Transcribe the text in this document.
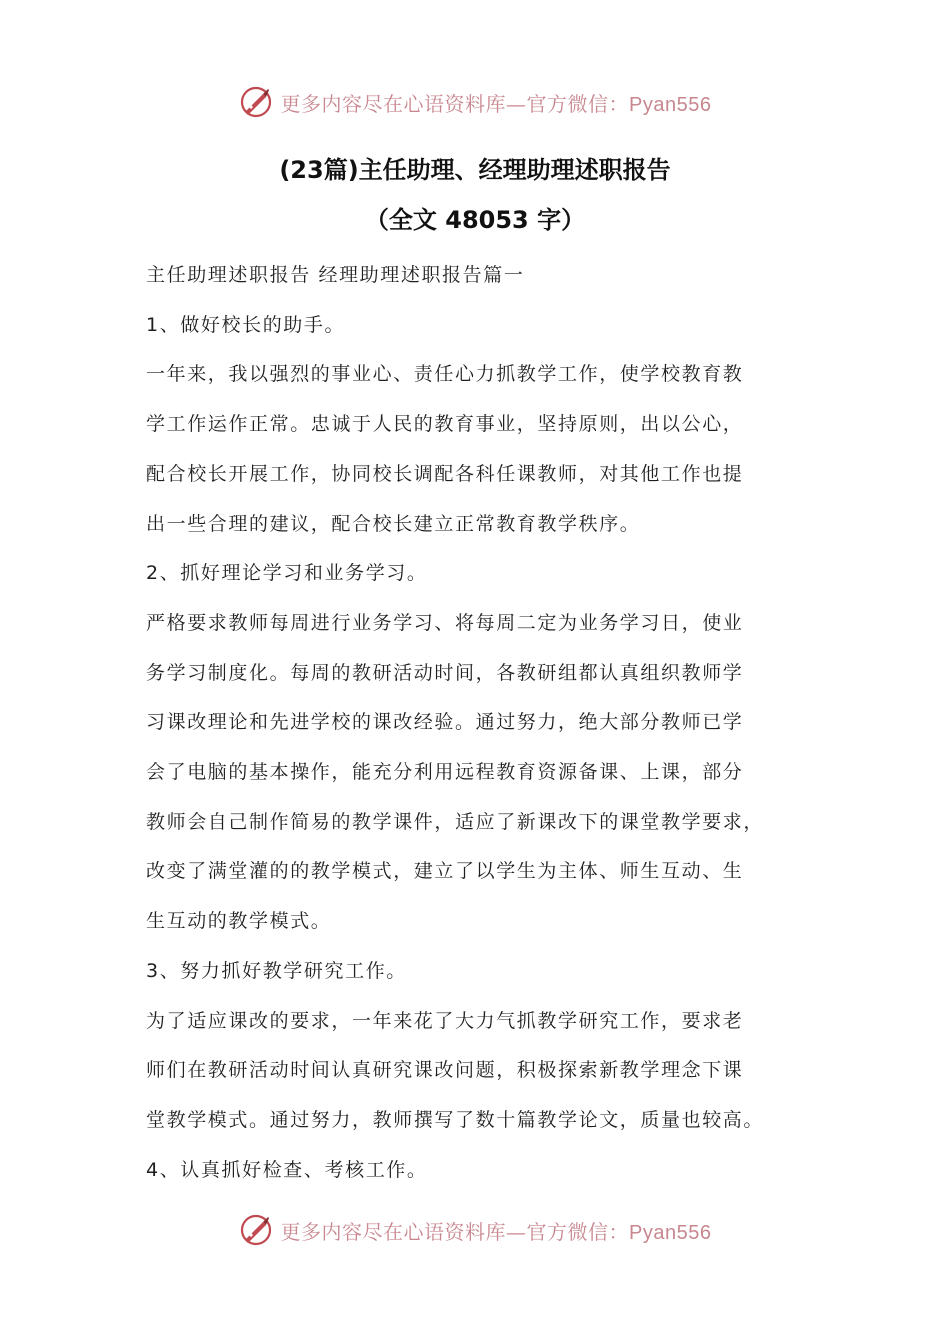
更多内容尽在心语资料库—官方微信：Pyan556
(23篇)主任助理、经理助理述职报告
（全文 48053 字）

主任助理述职报告 经理助理述职报告篇一

1、做好校长的助手。

一年来，我以强烈的事业心、责任心力抓教学工作，使学校教育教

学工作运作正常。忠诚于人民的教育事业，坚持原则，出以公心，

配合校长开展工作，协同校长调配各科任课教师，对其他工作也提

出一些合理的建议，配合校长建立正常教育教学秩序。

2、抓好理论学习和业务学习。

严格要求教师每周进行业务学习、将每周二定为业务学习日，使业

务学习制度化。每周的教研活动时间，各教研组都认真组织教师学

习课改理论和先进学校的课改经验。通过努力，绝大部分教师已学

会了电脑的基本操作，能充分利用远程教育资源备课、上课，部分

教师会自己制作简易的教学课件，适应了新课改下的课堂教学要求，

改变了满堂灌的的教学模式，建立了以学生为主体、师生互动、生

生互动的教学模式。

3、努力抓好教学研究工作。

为了适应课改的要求，一年来花了大力气抓教学研究工作，要求老

师们在教研活动时间认真研究课改问题，积极探索新教学理念下课

堂教学模式。通过努力，教师撰写了数十篇教学论文，质量也较高。

4、认真抓好检查、考核工作。

更多内容尽在心语资料库—官方微信：Pyan556
